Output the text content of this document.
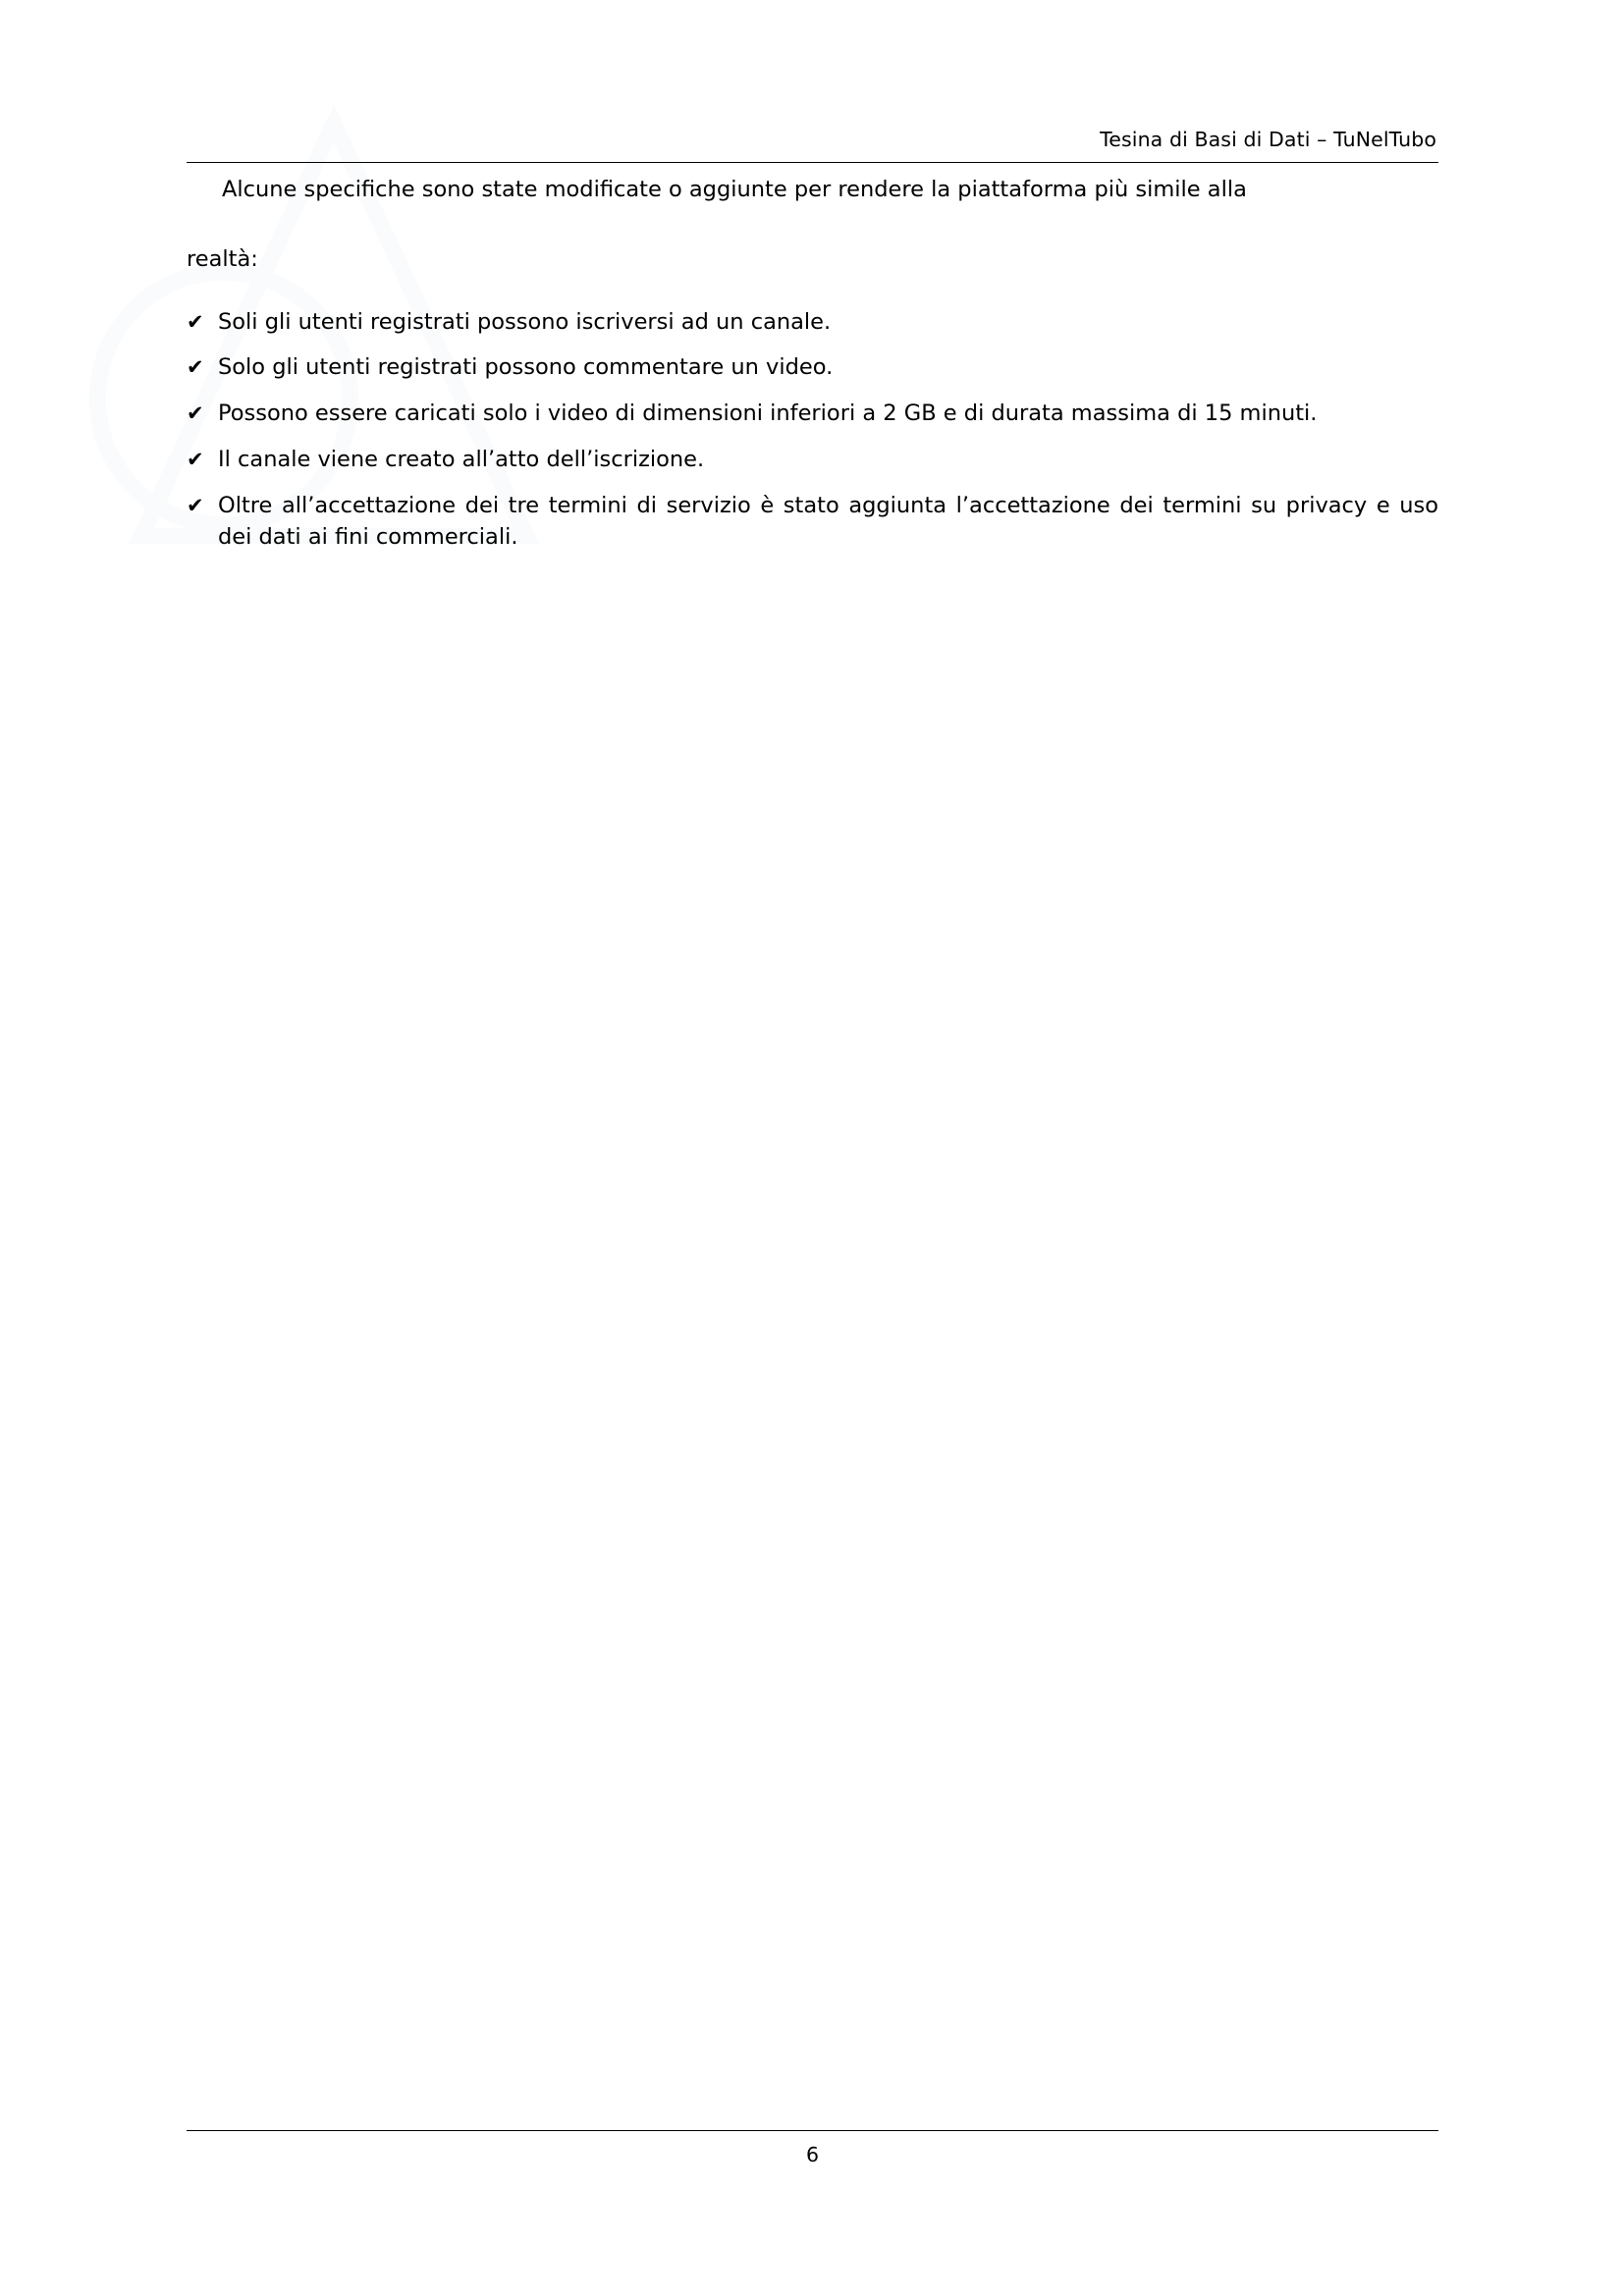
Tesina di Basi di Dati – TuNelTubo

Alcune specifiche sono state modificate o aggiunte per rendere la piattaforma più simile alla

realtà:

✔ Soli gli utenti registrati possono iscriversi ad un canale.
✔ Solo gli utenti registrati possono commentare un video.
✔ Possono essere caricati solo i video di dimensioni inferiori a 2 GB e di durata massima di 15 minuti.
✔ Il canale viene creato all’atto dell’iscrizione.
✔ Oltre all’accettazione dei tre termini di servizio è stato aggiunta l’accettazione dei termini su privacy e uso dei dati ai fini commerciali.
6
